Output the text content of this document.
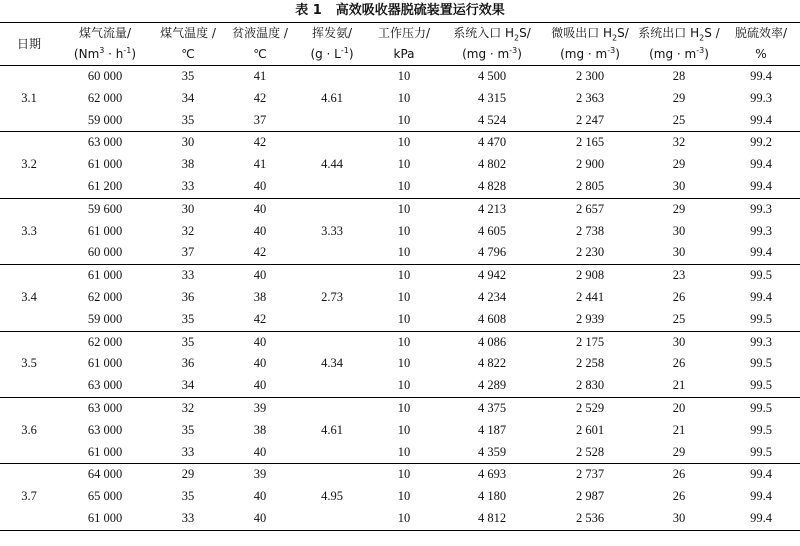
表 1 高效吸收器脱硫装置运行效果
日期	煤气流量/	煤气温度 /	贫液温度 /	挥发氨/	工作压力/	系统入口 $H_2S/$	微吸出口 $H_2S/$	系统出口 $H_2S$ /	脱硫效率/
	$(Nm^3 \cdot h^{-1})$	℃	℃	$(g \cdot L^{-1})$	kPa	$(mg \cdot m^{-3})$	$(mg \cdot m^{-3})$	$(mg \cdot m^{-3})$	%
3.1	60 000	35	41	4.61	10	4 500	2 300	28	99.4
	62 000	34	42		10	4 315	2 363	29	99.3
	59 000	35	37		10	4 524	2 247	25	99.4
3.2	63 000	30	42	4.44	10	4 470	2 165	32	99.2
	61 000	38	41		10	4 802	2 900	29	99.4
	61 200	33	40		10	4 828	2 805	30	99.4
3.3	59 600	30	40	3.33	10	4 213	2 657	29	99.3
	61 000	32	40		10	4 605	2 738	30	99.3
	60 000	37	42		10	4 796	2 230	30	99.4
3.4	61 000	33	40	2.73	10	4 942	2 908	23	99.5
	62 000	36	38		10	4 234	2 441	26	99.4
	59 000	35	42		10	4 608	2 939	25	99.5
3.5	62 000	35	40	4.34	10	4 086	2 175	30	99.3
	61 000	36	40		10	4 822	2 258	26	99.5
	63 000	34	40		10	4 289	2 830	21	99.5
3.6	63 000	32	39	4.61	10	4 375	2 529	20	99.5
	63 000	35	38		10	4 187	2 601	21	99.5
	61 000	33	40		10	4 359	2 528	29	99.5
3.7	64 000	29	39	4.95	10	4 693	2 737	26	99.4
	65 000	35	40		10	4 180	2 987	26	99.4
	61 000	33	40		10	4 812	2 536	30	99.4
